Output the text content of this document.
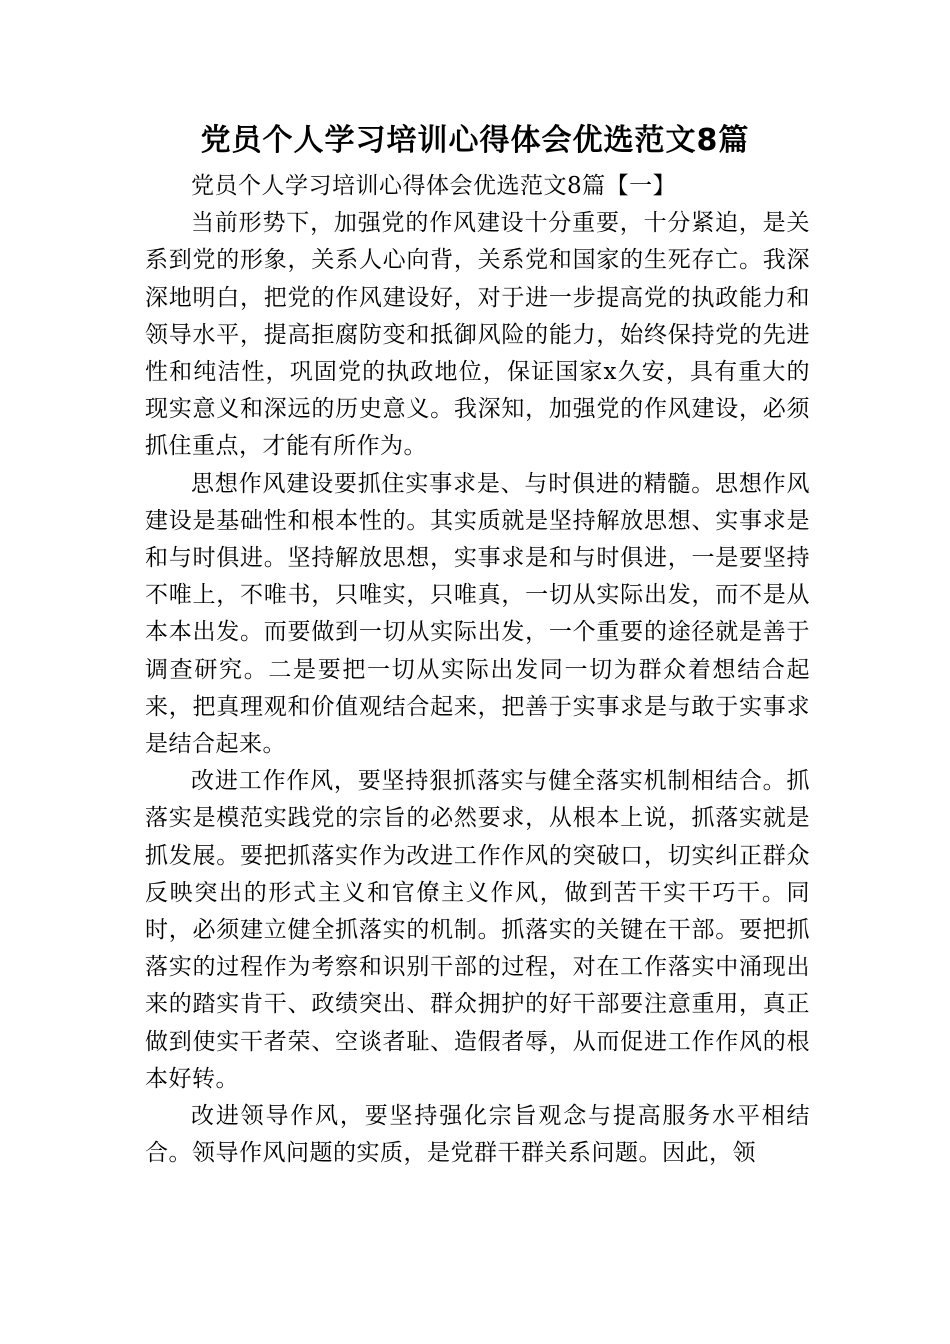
党员个人学习培训心得体会优选范文8篇

党员个人学习培训心得体会优选范文8篇【一】

当前形势下，加强党的作风建设十分重要，十分紧迫，是关系到党的形象，关系人心向背，关系党和国家的生死存亡。我深深地明白，把党的作风建设好，对于进一步提高党的执政能力和领导水平，提高拒腐防变和抵御风险的能力，始终保持党的先进性和纯洁性，巩固党的执政地位，保证国家x久安，具有重大的现实意义和深远的历史意义。我深知，加强党的作风建设，必须抓住重点，才能有所作为。

思想作风建设要抓住实事求是、与时俱进的精髓。思想作风建设是基础性和根本性的。其实质就是坚持解放思想、实事求是和与时俱进。坚持解放思想，实事求是和与时俱进，一是要坚持不唯上，不唯书，只唯实，只唯真，一切从实际出发，而不是从本本出发。而要做到一切从实际出发，一个重要的途径就是善于调查研究。二是要把一切从实际出发同一切为群众着想结合起来，把真理观和价值观结合起来，把善于实事求是与敢于实事求是结合起来。

改进工作作风，要坚持狠抓落实与健全落实机制相结合。抓落实是模范实践党的宗旨的必然要求，从根本上说，抓落实就是抓发展。要把抓落实作为改进工作作风的突破口，切实纠正群众反映突出的形式主义和官僚主义作风，做到苦干实干巧干。同时，必须建立健全抓落实的机制。抓落实的关键在干部。要把抓落实的过程作为考察和识别干部的过程，对在工作落实中涌现出来的踏实肯干、政绩突出、群众拥护的好干部要注意重用，真正做到使实干者荣、空谈者耻、造假者辱，从而促进工作作风的根本好转。

改进领导作风，要坚持强化宗旨观念与提高服务水平相结合。领导作风问题的实质，是党群干群关系问题。因此，领
